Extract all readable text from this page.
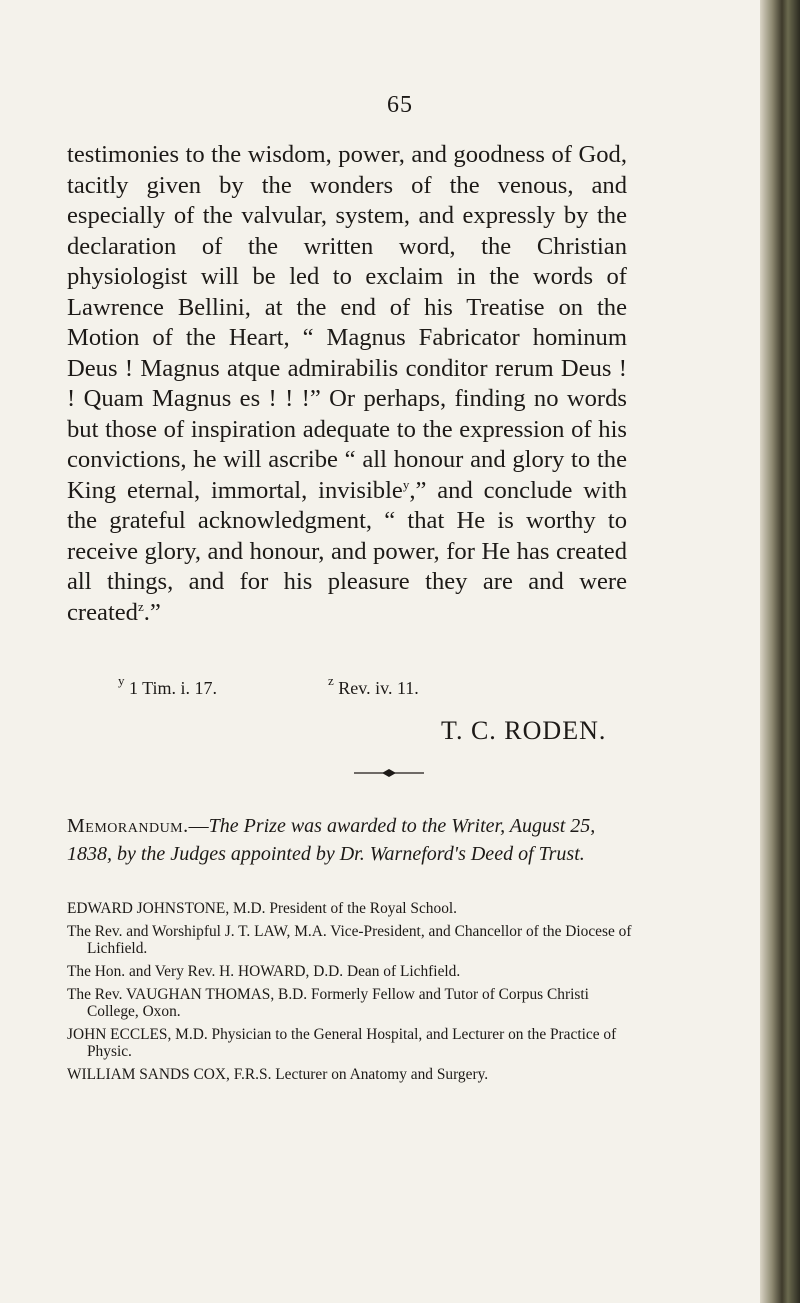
65

testimonies to the wisdom, power, and goodness of God, tacitly given by the wonders of the venous, and especially of the valvular, system, and expressly by the declaration of the written word, the Christian physiologist will be led to exclaim in the words of Lawrence Bellini, at the end of his Treatise on the Motion of the Heart, “ Magnus Fabricator hominum Deus ! Magnus atque admirabilis conditor rerum Deus ! ! Quam Magnus es ! ! !” Or perhaps, finding no words but those of inspiration adequate to the expression of his convictions, he will ascribe “ all honour and glory to the King eternal, immortal, invisible$^y$,” and conclude with the grateful acknowledgment, “ that He is worthy to receive glory, and honour, and power, for He has created all things, and for his pleasure they are and were created$^z$.”

$^y$ 1 Tim. i. 17.	$^z$ Rev. iv. 11.
T. C. RODEN.
Memorandum.—The Prize was awarded to the Writer, August 25, 1838, by the Judges appointed by Dr. Warneford's Deed of Trust.

EDWARD JOHNSTONE, M.D. President of the Royal School.

The Rev. and Worshipful J. T. LAW, M.A. Vice-President, and Chancellor of the Diocese of Lichfield.

The Hon. and Very Rev. H. HOWARD, D.D. Dean of Lichfield.

The Rev. VAUGHAN THOMAS, B.D. Formerly Fellow and Tutor of Corpus Christi College, Oxon.

JOHN ECCLES, M.D. Physician to the General Hospital, and Lecturer on the Practice of Physic.

WILLIAM SANDS COX, F.R.S. Lecturer on Anatomy and Surgery.
